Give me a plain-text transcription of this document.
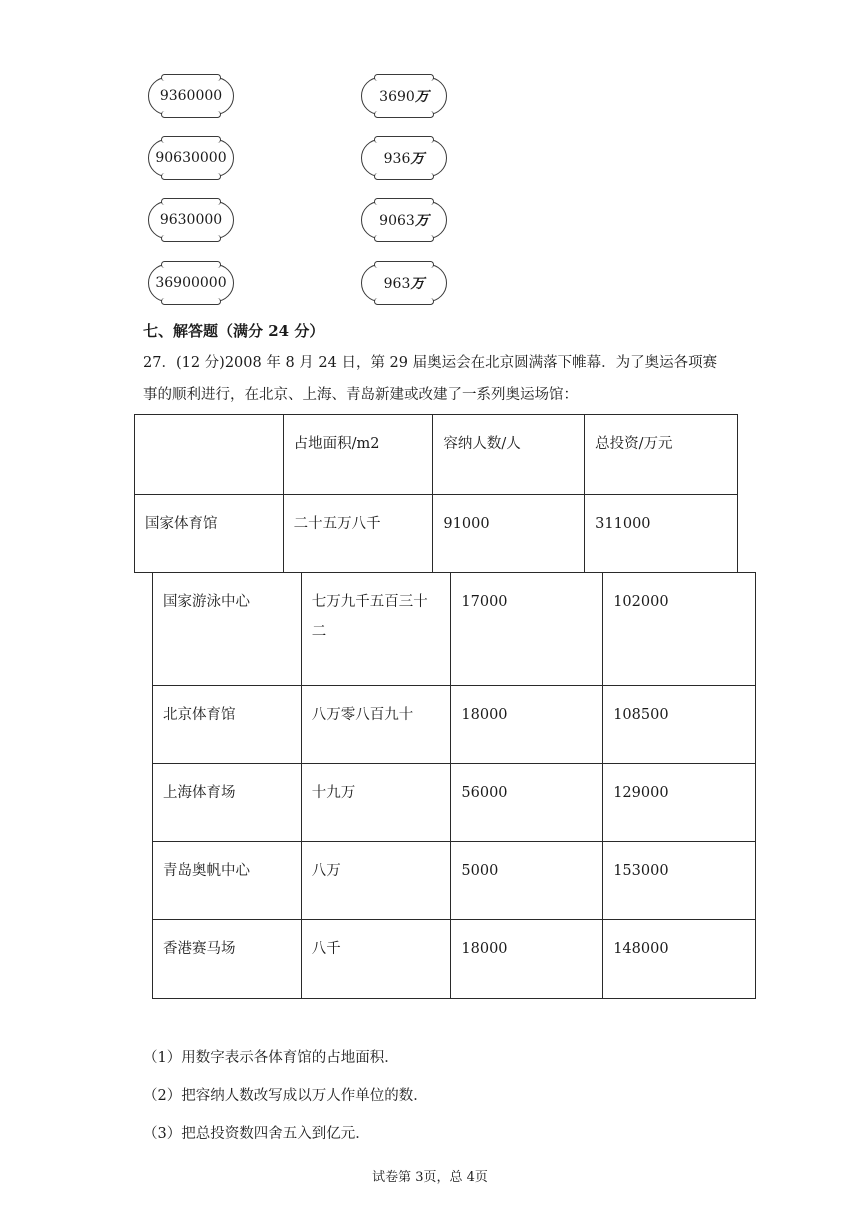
9360000
90630000
9630000
36900000
3690万
936万
9063万
963万
七、解答题（满分 24 分）
27．(12 分)2008 年 8 月 24 日，第 29 届奥运会在北京圆满落下帷幕．为了奥运各项赛
事的顺利进行，在北京、上海、青岛新建或改建了一系列奥运场馆：
	占地面积/m2	容纳人数/人	总投资/万元
国家体育馆	二十五万八千	91000	311000
国家游泳中心	七万九千五百三十二	17000	102000
北京体育馆	八万零八百九十	18000	108500
上海体育场	十九万	56000	129000
青岛奥帆中心	八万	5000	153000
香港赛马场	八千	18000	148000
（1）用数字表示各体育馆的占地面积．
（2）把容纳人数改写成以万人作单位的数．
（3）把总投资数四舍五入到亿元．
试卷第 3页，总 4页
